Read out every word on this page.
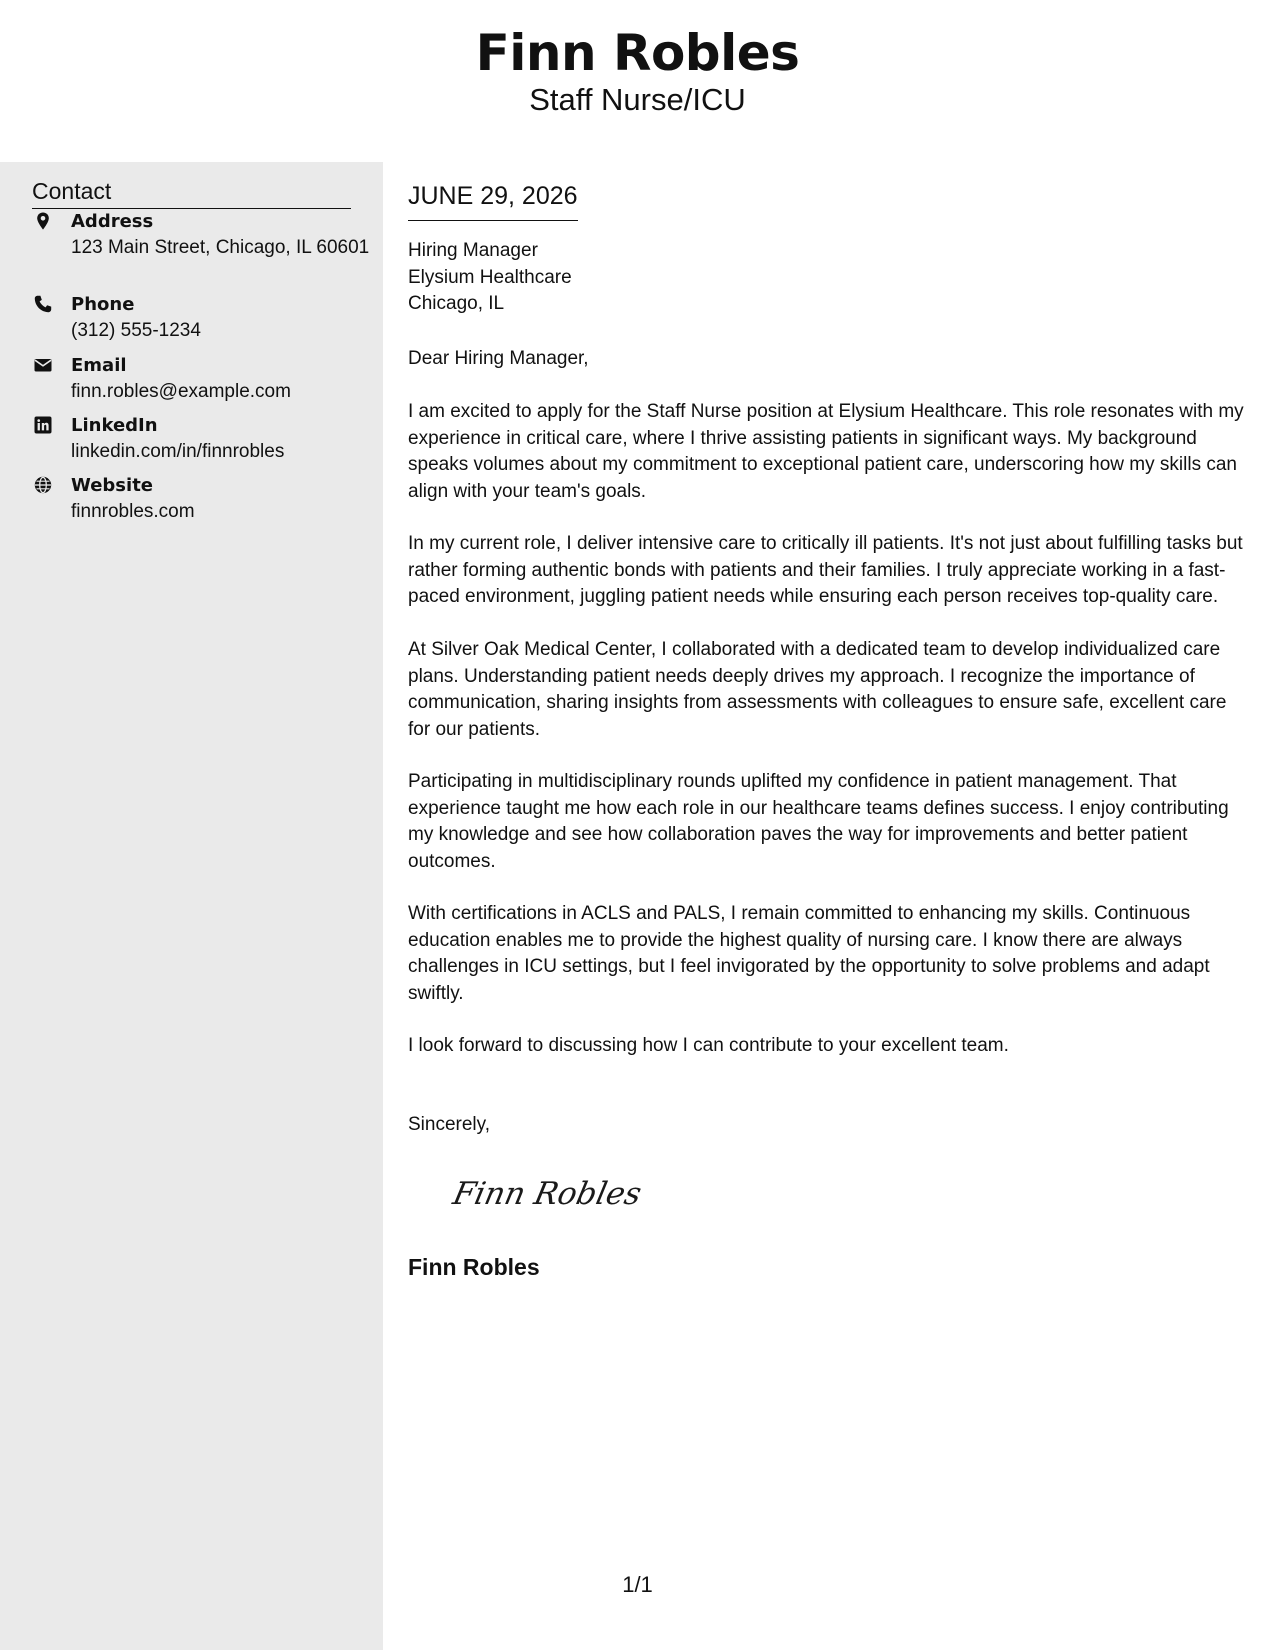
Finn Robles
Staff Nurse/ICU
Contact
Address
123 Main Street, Chicago, IL 60601
Phone
(312) 555-1234
Email
finn.robles@example.com
LinkedIn
linkedin.com/in/finnrobles
Website
finnrobles.com
JUNE 29, 2026
Hiring Manager
Elysium Healthcare
Chicago, IL
Dear Hiring Manager,
I am excited to apply for the Staff Nurse position at Elysium Healthcare. This role resonates with my experience in critical care, where I thrive assisting patients in significant ways. My background speaks volumes about my commitment to exceptional patient care, underscoring how my skills can align with your team's goals.
In my current role, I deliver intensive care to critically ill patients. It's not just about fulfilling tasks but rather forming authentic bonds with patients and their families. I truly appreciate working in a fast-paced environment, juggling patient needs while ensuring each person receives top-quality care.
At Silver Oak Medical Center, I collaborated with a dedicated team to develop individualized care plans. Understanding patient needs deeply drives my approach. I recognize the importance of communication, sharing insights from assessments with colleagues to ensure safe, excellent care for our patients.
Participating in multidisciplinary rounds uplifted my confidence in patient management. That experience taught me how each role in our healthcare teams defines success. I enjoy contributing my knowledge and see how collaboration paves the way for improvements and better patient outcomes.
With certifications in ACLS and PALS, I remain committed to enhancing my skills. Continuous education enables me to provide the highest quality of nursing care. I know there are always challenges in ICU settings, but I feel invigorated by the opportunity to solve problems and adapt swiftly.
I look forward to discussing how I can contribute to your excellent team.
Sincerely,
Finn Robles
Finn Robles
1/1
